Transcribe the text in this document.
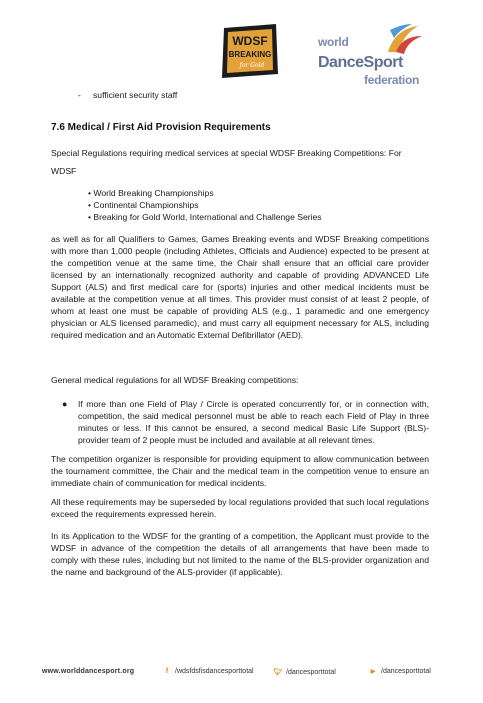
WDSF
BREAKING
for Gold
world
DanceSport
federation
- sufficient security staff
7.6 Medical / First Aid Provision Requirements

Special Regulations requiring medical services at special WDSF Breaking Competitions: For

WDSF

• World Breaking Championships
• Continental Championships
• Breaking for Gold World, International and Challenge Series

as well as for all Qualifiers to Games, Games Breaking events and WDSF Breaking competitions with more than 1,000 people (including Athletes, Officials and Audience) expected to be present at the competition venue at the same time, the Chair shall ensure that an official care provider licensed by an internationally recognized authority and capable of providing ADVANCED Life Support (ALS) and first medical care for (sports) injuries and other medical incidents must be available at the competition venue at all times. This provider must consist of at least 2 people, of whom at least one must be capable of providing ALS (e.g., 1 paramedic and one emergency physician or ALS licensed paramedic), and must carry all equipment necessary for ALS, including required medication and an Automatic External Defibrillator (AED).

General medical regulations for all WDSF Breaking competitions:

● If more than one Field of Play / Circle is operated concurrently for, or in connection with, competition, the said medical personnel must be able to reach each Field of Play in three minutes or less. If this cannot be ensured, a second medical Basic Life Support (BLS)-provider team of 2 people must be included and available at all relevant times.

The competition organizer is responsible for providing equipment to allow communication between the tournament committee, the Chair and the medical team in the competition venue to ensure an immediate chain of communication for medical incidents.

All these requirements may be superseded by local regulations provided that such local regulations exceed the requirements expressed herein.

In its Application to the WDSF for the granting of a competition, the Applicant must provide to the WDSF in advance of the competition the details of all arrangements that have been made to comply with these rules, including but not limited to the name of the BLS-provider organization and the name and background of the ALS-provider (if applicable).

www.worlddancesport.org	f /wdsfdsfisdancesporttotal	🐦︎ /dancesporttotal	▶ /dancesporttotal
